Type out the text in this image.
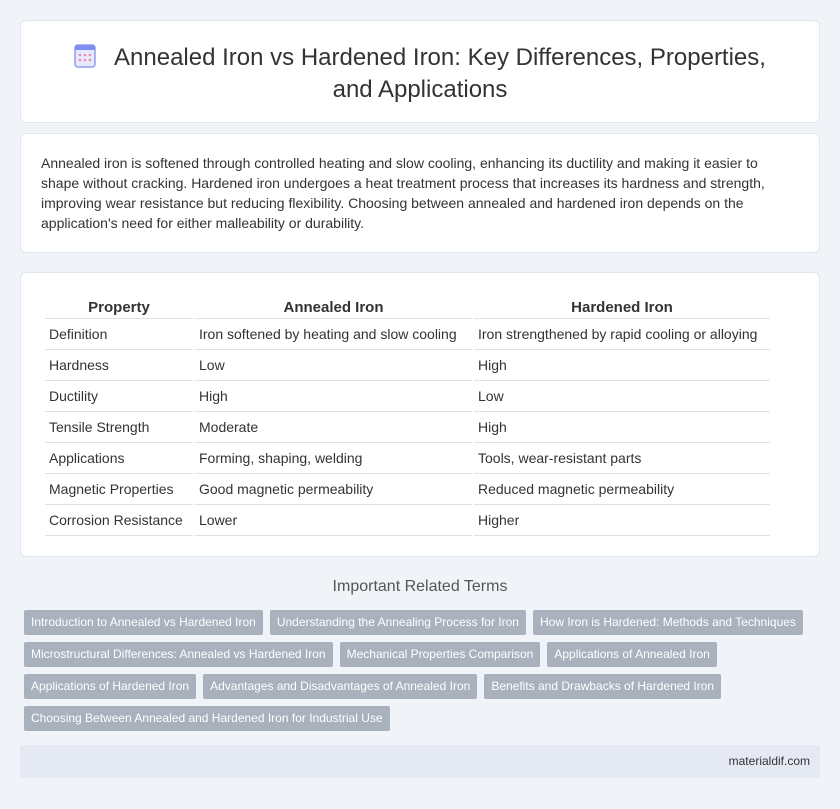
Annealed Iron vs Hardened Iron: Key Differences, Properties, and Applications

Annealed iron is softened through controlled heating and slow cooling, enhancing its ductility and making it easier to shape without cracking. Hardened iron undergoes a heat treatment process that increases its hardness and strength, improving wear resistance but reducing flexibility. Choosing between annealed and hardened iron depends on the application's need for either malleability or durability.

Property	Annealed Iron	Hardened Iron
Definition	Iron softened by heating and slow cooling	Iron strengthened by rapid cooling or alloying
Hardness	Low	High
Ductility	High	Low
Tensile Strength	Moderate	High
Applications	Forming, shaping, welding	Tools, wear-resistant parts
Magnetic Properties	Good magnetic permeability	Reduced magnetic permeability
Corrosion Resistance	Lower	Higher
Important Related Terms
Introduction to Annealed vs Hardened Iron	Understanding the Annealing Process for Iron	How Iron is Hardened: Methods and Techniques
Microstructural Differences: Annealed vs Hardened Iron	Mechanical Properties Comparison	Applications of Annealed Iron
Applications of Hardened Iron	Advantages and Disadvantages of Annealed Iron	Benefits and Drawbacks of Hardened Iron
Choosing Between Annealed and Hardened Iron for Industrial Use
materialdif.com
